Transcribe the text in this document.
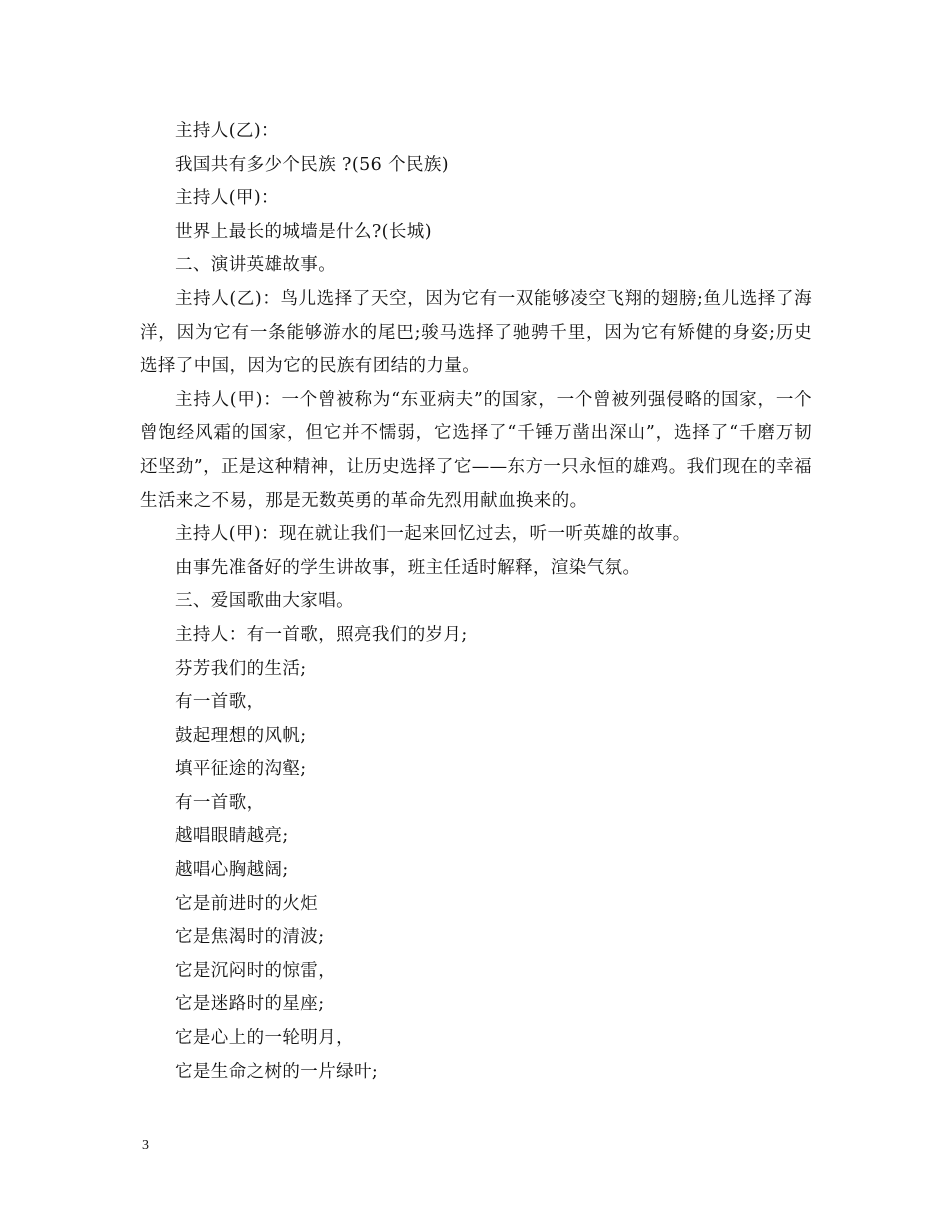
主持人(乙)：

我国共有多少个民族 ?(56 个民族)

主持人(甲)：

世界上最长的城墙是什么?(长城)

二、演讲英雄故事。

主持人(乙)：鸟儿选择了天空，因为它有一双能够凌空飞翔的翅膀;鱼儿选择了海洋，因为它有一条能够游水的尾巴;骏马选择了驰骋千里，因为它有矫健的身姿;历史选择了中国，因为它的民族有团结的力量。

主持人(甲)：一个曾被称为“东亚病夫”的国家，一个曾被列强侵略的国家，一个曾饱经风霜的国家，但它并不懦弱，它选择了“千锤万凿出深山”，选择了“千磨万韧还坚劲”，正是这种精神，让历史选择了它——东方一只永恒的雄鸡。我们现在的幸福生活来之不易，那是无数英勇的革命先烈用献血换来的。

主持人(甲)：现在就让我们一起来回忆过去，听一听英雄的故事。

由事先准备好的学生讲故事，班主任适时解释，渲染气氛。

三、爱国歌曲大家唱。

主持人：有一首歌，照亮我们的岁月;

芬芳我们的生活;

有一首歌，

鼓起理想的风帆;

填平征途的沟壑;

有一首歌，

越唱眼睛越亮;

越唱心胸越阔;

它是前进时的火炬

它是焦渴时的清波;

它是沉闷时的惊雷，

它是迷路时的星座;

它是心上的一轮明月，

它是生命之树的一片绿叶;

3
